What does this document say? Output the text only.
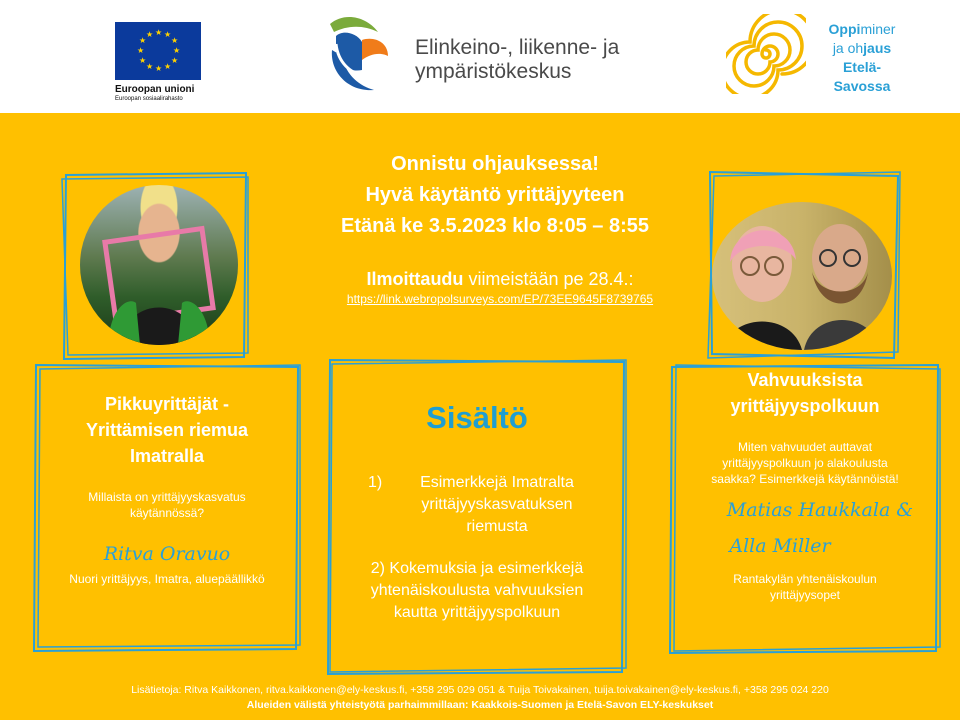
★ ★
★
★
★
★
★
★
★
★
★
★
Euroopan unioni
Euroopan sosiaalirahasto
Elinkeino-, liikenne- ja
ympäristökeskus
Oppiminer
ja ohjaus
Etelä-
Savossa
Onnistu ohjauksessa!
Hyvä käytäntö yrittäjyyteen
Etänä ke 3.5.2023 klo 8:05 – 8:55
Ilmoittaudu viimeistään pe 28.4.:
https://link.webropolsurveys.com/EP/73EE9645F8739765
Pikkuyrittäjät -
Yrittämisen riemua
Imatralla
Millaista on yrittäjyyskasvatus käytännössä?
Ritva Oravuo
Nuori yrittäjyys, Imatra, aluepäällikkö
Sisältö
1)	Esimerkkejä Imatralta
yrittäjyyskasvatuksen
riemusta
2) Kokemuksia ja esimerkkejä
yhtenäiskoulusta vahvuuksien
kautta yrittäjyyspolkuun
Vahvuuksista
yrittäjyyspolkuun
Miten vahvuudet auttavat yrittäjyyspolkuun jo alakoulusta saakka? Esimerkkejä käytännöistä!
Matias Haukkala &
Alla Miller
Rantakylän yhtenäiskoulun yrittäjyysopet
Lisätietoja: Ritva Kaikkonen, ritva.kaikkonen@ely-keskus.fi, +358 295 029 051 & Tuija Toivakainen, tuija.toivakainen@ely-keskus.fi, +358 295 024 220
Alueiden välistä yhteistyötä parhaimmillaan: Kaakkois-Suomen ja Etelä-Savon ELY-keskukset
